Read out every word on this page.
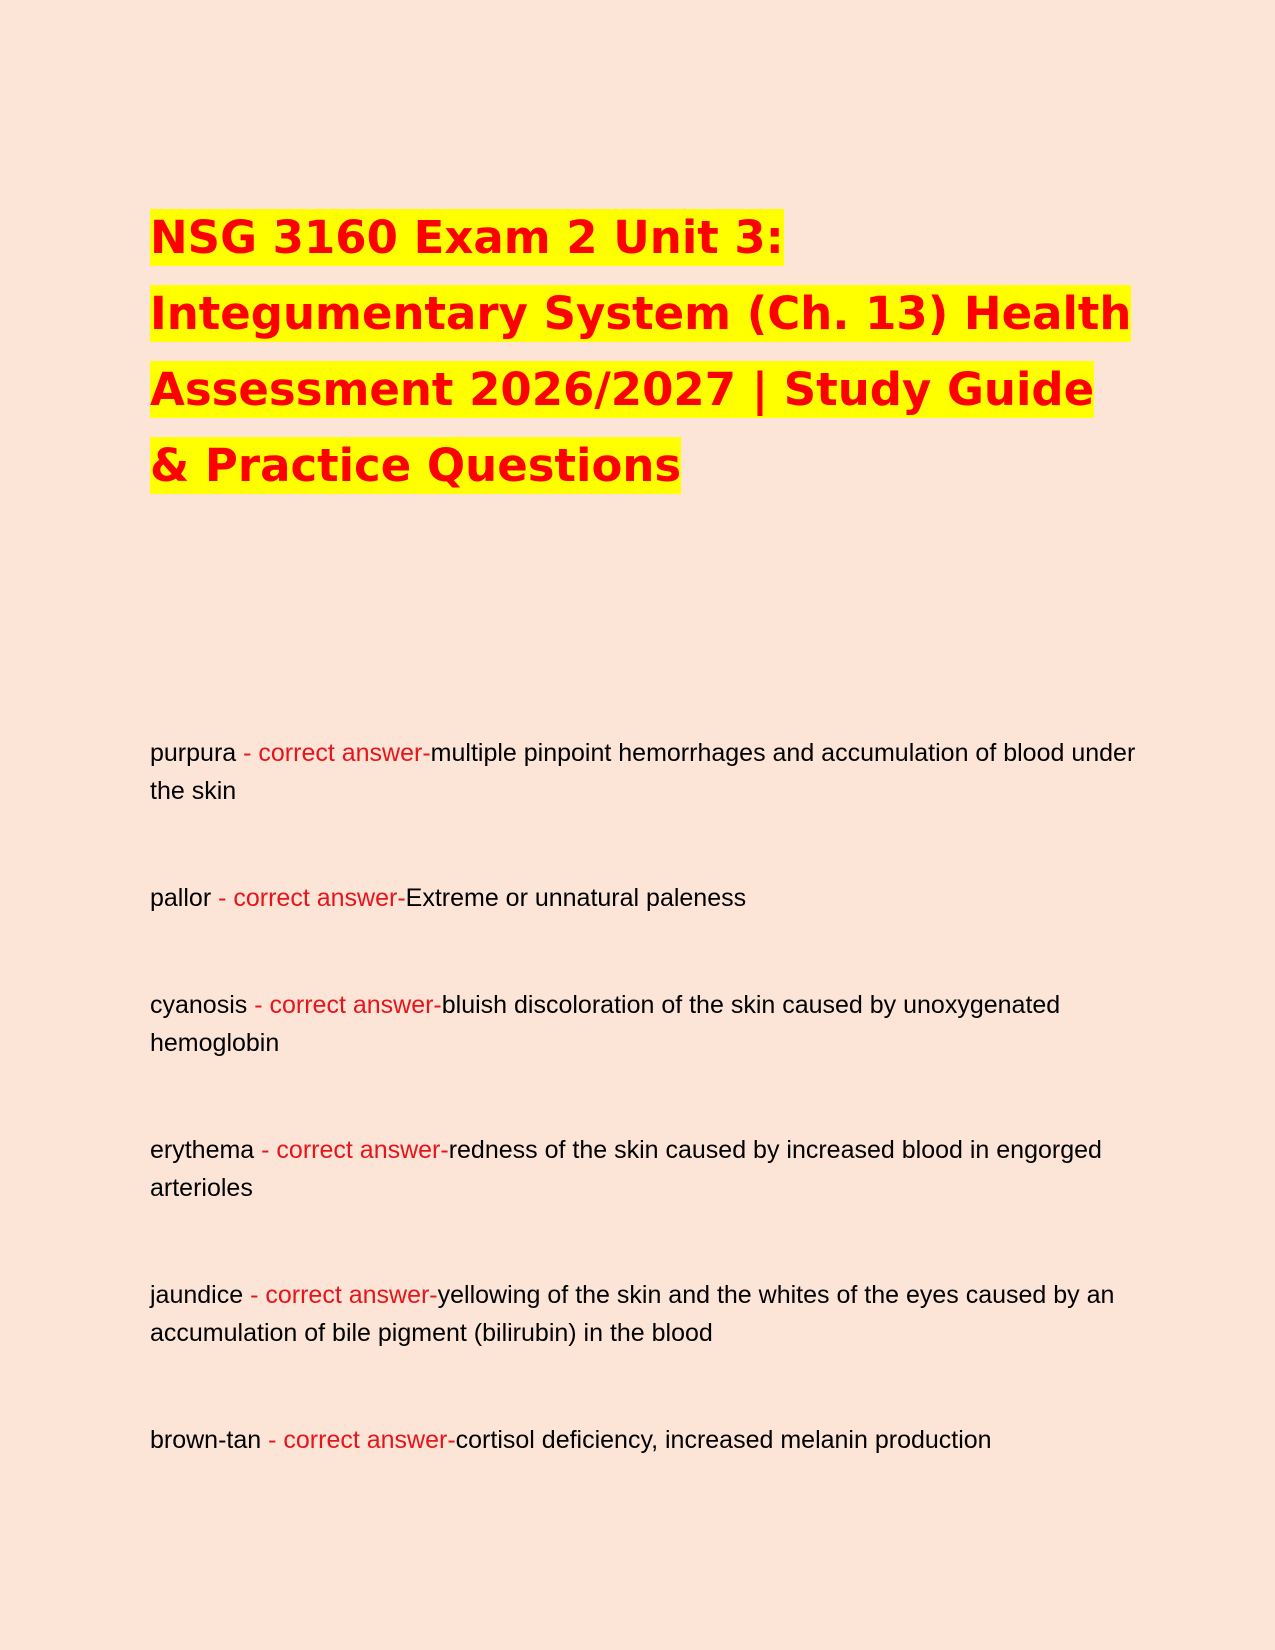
NSG 3160 Exam 2 Unit 3: Integumentary System (Ch. 13) Health Assessment 2026/2027 | Study Guide & Practice Questions

purpura - correct answer-multiple pinpoint hemorrhages and accumulation of blood under the skin

pallor - correct answer-Extreme or unnatural paleness

cyanosis - correct answer-bluish discoloration of the skin caused by unoxygenated hemoglobin

erythema - correct answer-redness of the skin caused by increased blood in engorged arterioles

jaundice - correct answer-yellowing of the skin and the whites of the eyes caused by an accumulation of bile pigment (bilirubin) in the blood

brown-tan - correct answer-cortisol deficiency, increased melanin production
